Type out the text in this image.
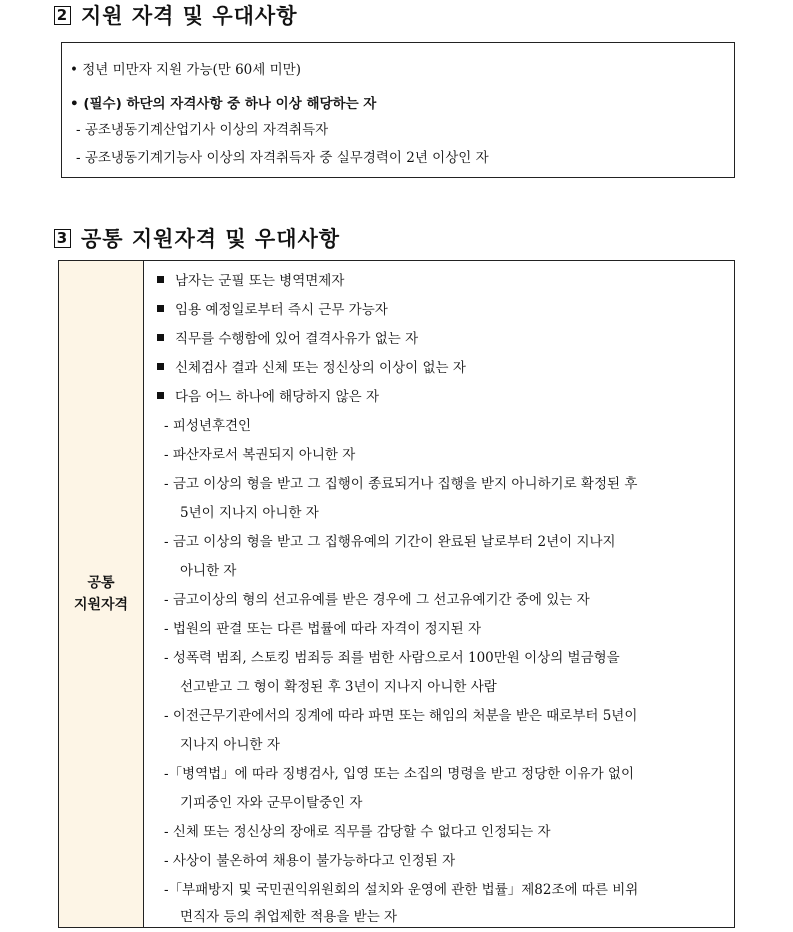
2 지원 자격 및 우대사항
• 정년 미만자 지원 가능(만 60세 미만)
• (필수) 하단의 자격사항 중 하나 이상 해당하는 자
- 공조냉동기계산업기사 이상의 자격취득자
- 공조냉동기계기능사 이상의 자격취득자 중 실무경력이 2년 이상인 자
3 공통 지원자격 및 우대사항
공통
지원자격
남자는 군필 또는 병역면제자
임용 예정일로부터 즉시 근무 가능자
직무를 수행함에 있어 결격사유가 없는 자
신체검사 결과 신체 또는 정신상의 이상이 없는 자
다음 어느 하나에 해당하지 않은 자
- 피성년후견인
- 파산자로서 복권되지 아니한 자
- 금고 이상의 형을 받고 그 집행이 종료되거나 집행을 받지 아니하기로 확정된 후
5년이 지나지 아니한 자
- 금고 이상의 형을 받고 그 집행유예의 기간이 완료된 날로부터 2년이 지나지
아니한 자
- 금고이상의 형의 선고유예를 받은 경우에 그 선고유예기간 중에 있는 자
- 법원의 판결 또는 다른 법률에 따라 자격이 정지된 자
- 성폭력 범죄, 스토킹 범죄등 죄를 범한 사람으로서 100만원 이상의 벌금형을
선고받고 그 형이 확정된 후 3년이 지나지 아니한 사람
- 이전근무기관에서의 징계에 따라 파면 또는 해임의 처분을 받은 때로부터 5년이
지나지 아니한 자
-「병역법」에 따라 징병검사, 입영 또는 소집의 명령을 받고 정당한 이유가 없이
기피중인 자와 군무이탈중인 자
- 신체 또는 정신상의 장애로 직무를 감당할 수 없다고 인정되는 자
- 사상이 불온하여 채용이 불가능하다고 인정된 자
-「부패방지 및 국민권익위원회의 설치와 운영에 관한 법률」제82조에 따른 비위
면직자 등의 취업제한 적용을 받는 자
